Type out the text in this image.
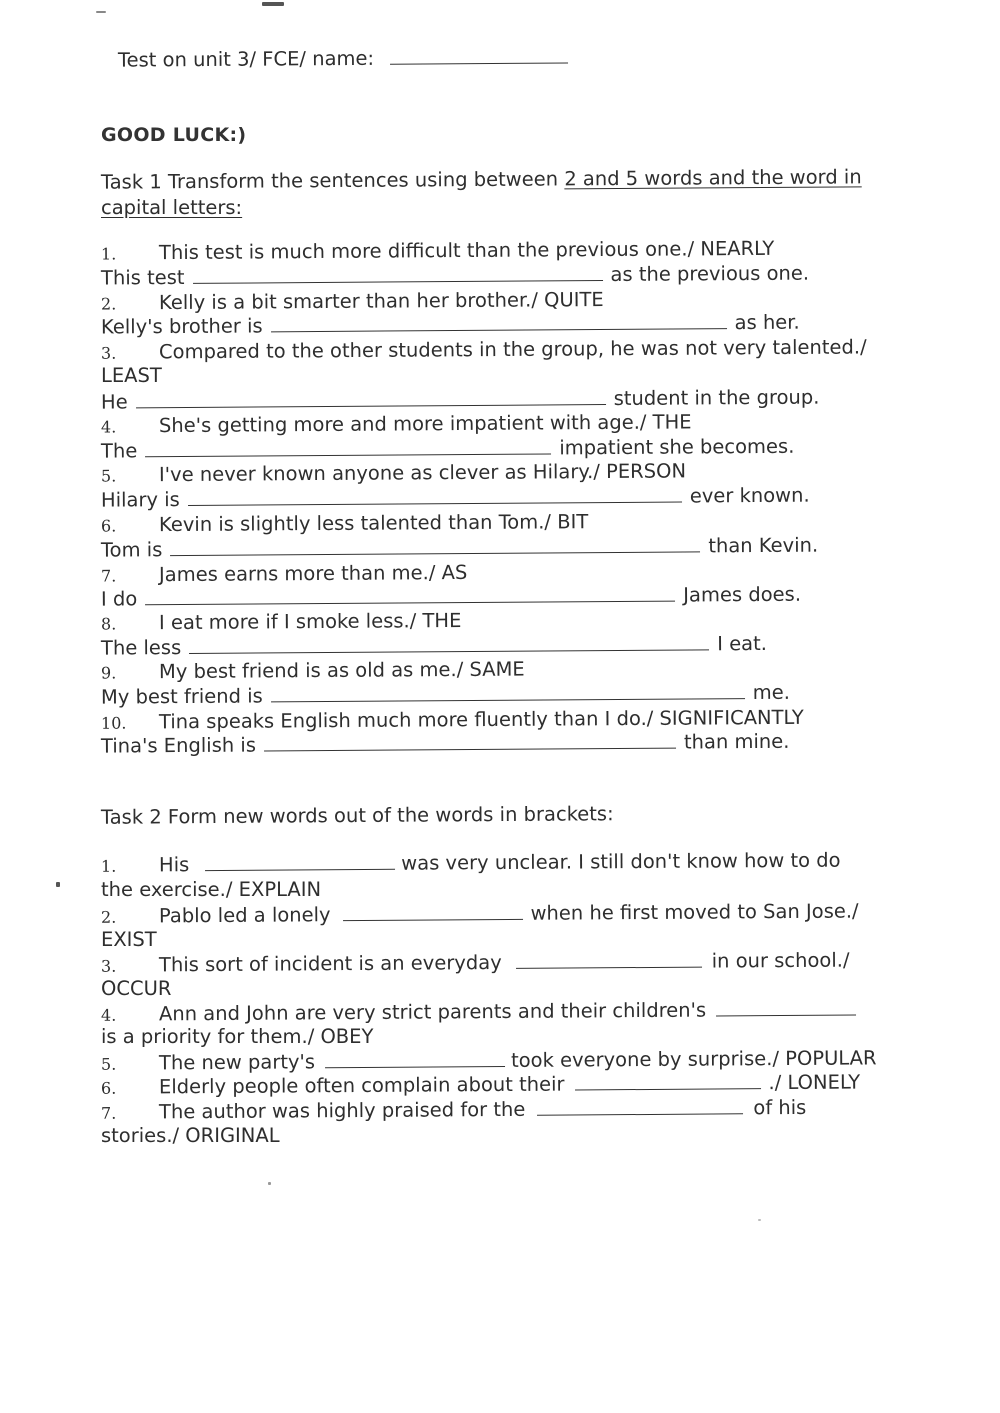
Test on unit 3/ FCE/ name:
GOOD LUCK:)
Task 1 Transform the sentences using between 2 and 5 words and the word in
capital letters:
1. This test is much more difficult than the previous one./ NEARLY
This test	as the previous one.
2. Kelly is a bit smarter than her brother./ QUITE
Kelly's brother is	as her.
3. Compared to the other students in the group, he was not very talented./
LEAST
He	student in the group.
4. She's getting more and more impatient with age./ THE
The	impatient she becomes.
5. I've never known anyone as clever as Hilary./ PERSON
Hilary is	ever known.
6. Kevin is slightly less talented than Tom./ BIT
Tom is	than Kevin.
7. James earns more than me./ AS
I do	James does.
8. I eat more if I smoke less./ THE
The less	I eat.
9. My best friend is as old as me./ SAME
My best friend is	me.
10. Tina speaks English much more fluently than I do./ SIGNIFICANTLY
Tina's English is	than mine.
Task 2 Form new words out of the words in brackets:
1. His	was very unclear. I still don't know how to do
the exercise./ EXPLAIN
2. Pablo led a lonely	when he first moved to San Jose./
EXIST
3. This sort of incident is an everyday	in our school./
OCCUR
4. Ann and John are very strict parents and their children's
is a priority for them./ OBEY
5. The new party's	took everyone by surprise./ POPULAR
6. Elderly people often complain about their	./ LONELY
7. The author was highly praised for the	of his
stories./ ORIGINAL
